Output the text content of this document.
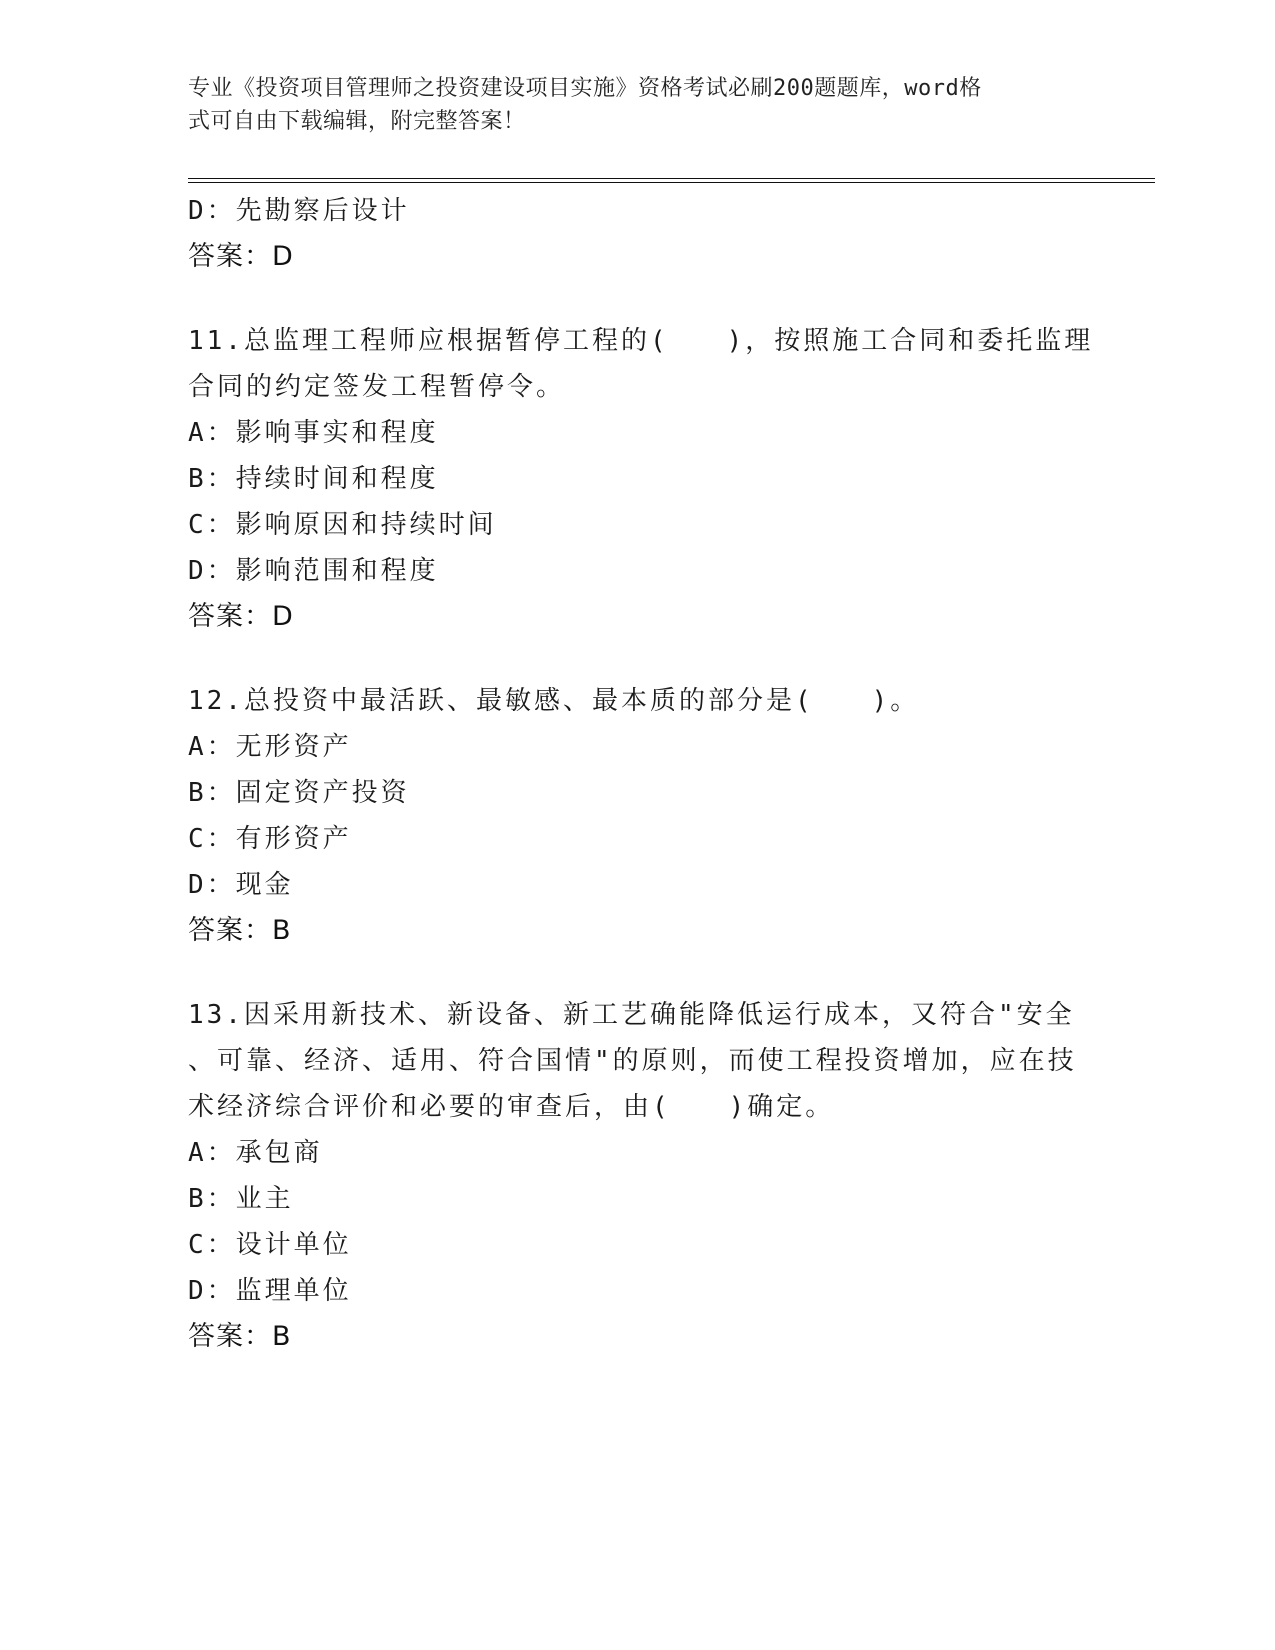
专业《投资项目管理师之投资建设项目实施》资格考试必刷200题题库，word格
式可自由下载编辑，附完整答案！
D：先勘察后设计
答案：D
11.总监理工程师应根据暂停工程的(　　)，按照施工合同和委托监理
合同的约定签发工程暂停令。
A：影响事实和程度
B：持续时间和程度
C：影响原因和持续时间
D：影响范围和程度
答案：D
12.总投资中最活跃、最敏感、最本质的部分是(　　)。
A：无形资产
B：固定资产投资
C：有形资产
D：现金
答案：B
13.因采用新技术、新设备、新工艺确能降低运行成本，又符合"安全
、可靠、经济、适用、符合国情"的原则，而使工程投资增加，应在技
术经济综合评价和必要的审查后，由(　　)确定。
A：承包商
B：业主
C：设计单位
D：监理单位
答案：B
